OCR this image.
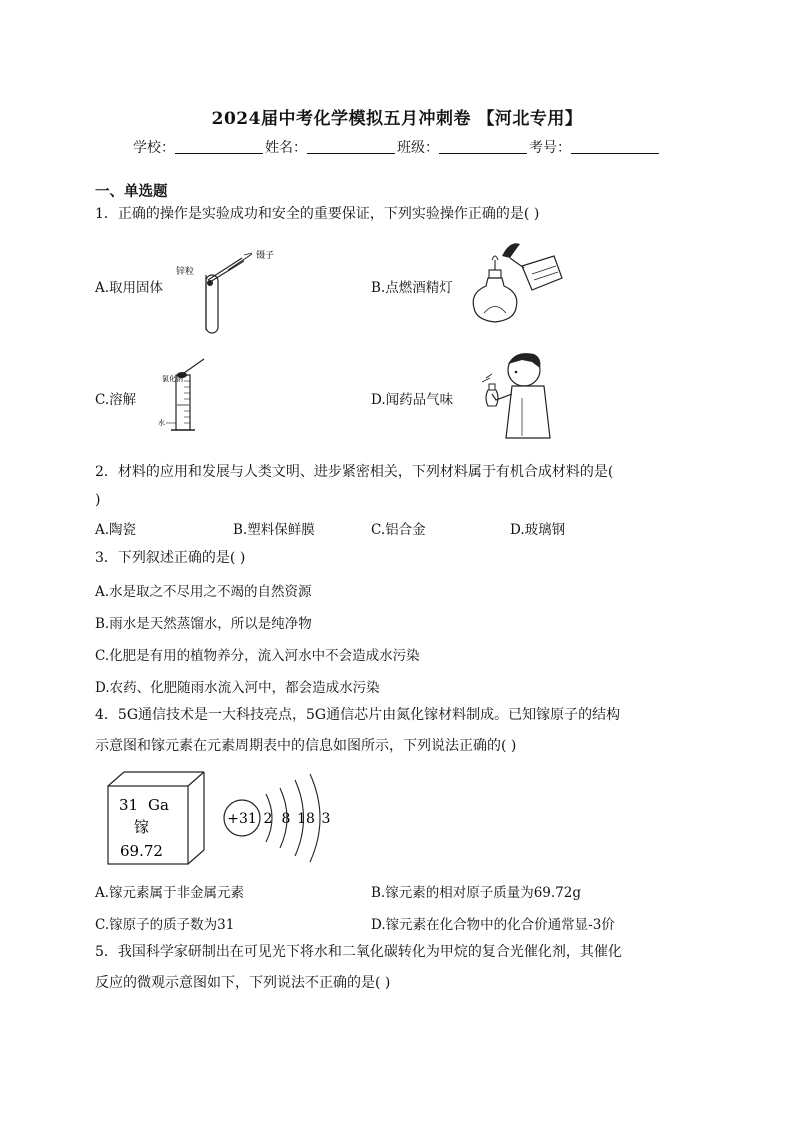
2024届中考化学模拟五月冲刺卷 【河北专用】
学校：	姓名：	班级：	考号：
一、单选题
1．正确的操作是实验成功和安全的重要保证，下列实验操作正确的是( )
A.取用固体
锌粒
镊子
B.点燃酒精灯
C.溶解
氯化钠
水
D.闻药品气味
2．材料的应用和发展与人类文明、进步紧密相关，下列材料属于有机合成材料的是(
)
A.陶瓷	B.塑料保鲜膜	C.铝合金	D.玻璃钢
3．下列叙述正确的是( )
A.水是取之不尽用之不竭的自然资源
B.雨水是天然蒸馏水，所以是纯净物
C.化肥是有用的植物养分，流入河水中不会造成水污染
D.农药、化肥随雨水流入河中，都会造成水污染
4．5G通信技术是一大科技亮点，5G通信芯片由氮化镓材料制成。已知镓原子的结构
示意图和镓元素在元素周期表中的信息如图所示，下列说法正确的( )
31 Ga
镓
69.72
+31 2 8 18 3
A.镓元素属于非金属元素	B.镓元素的相对原子质量为69.72g
C.镓原子的质子数为31	D.镓元素在化合物中的化合价通常显-3价
5．我国科学家研制出在可见光下将水和二氧化碳转化为甲烷的复合光催化剂，其催化
反应的微观示意图如下，下列说法不正确的是( )
